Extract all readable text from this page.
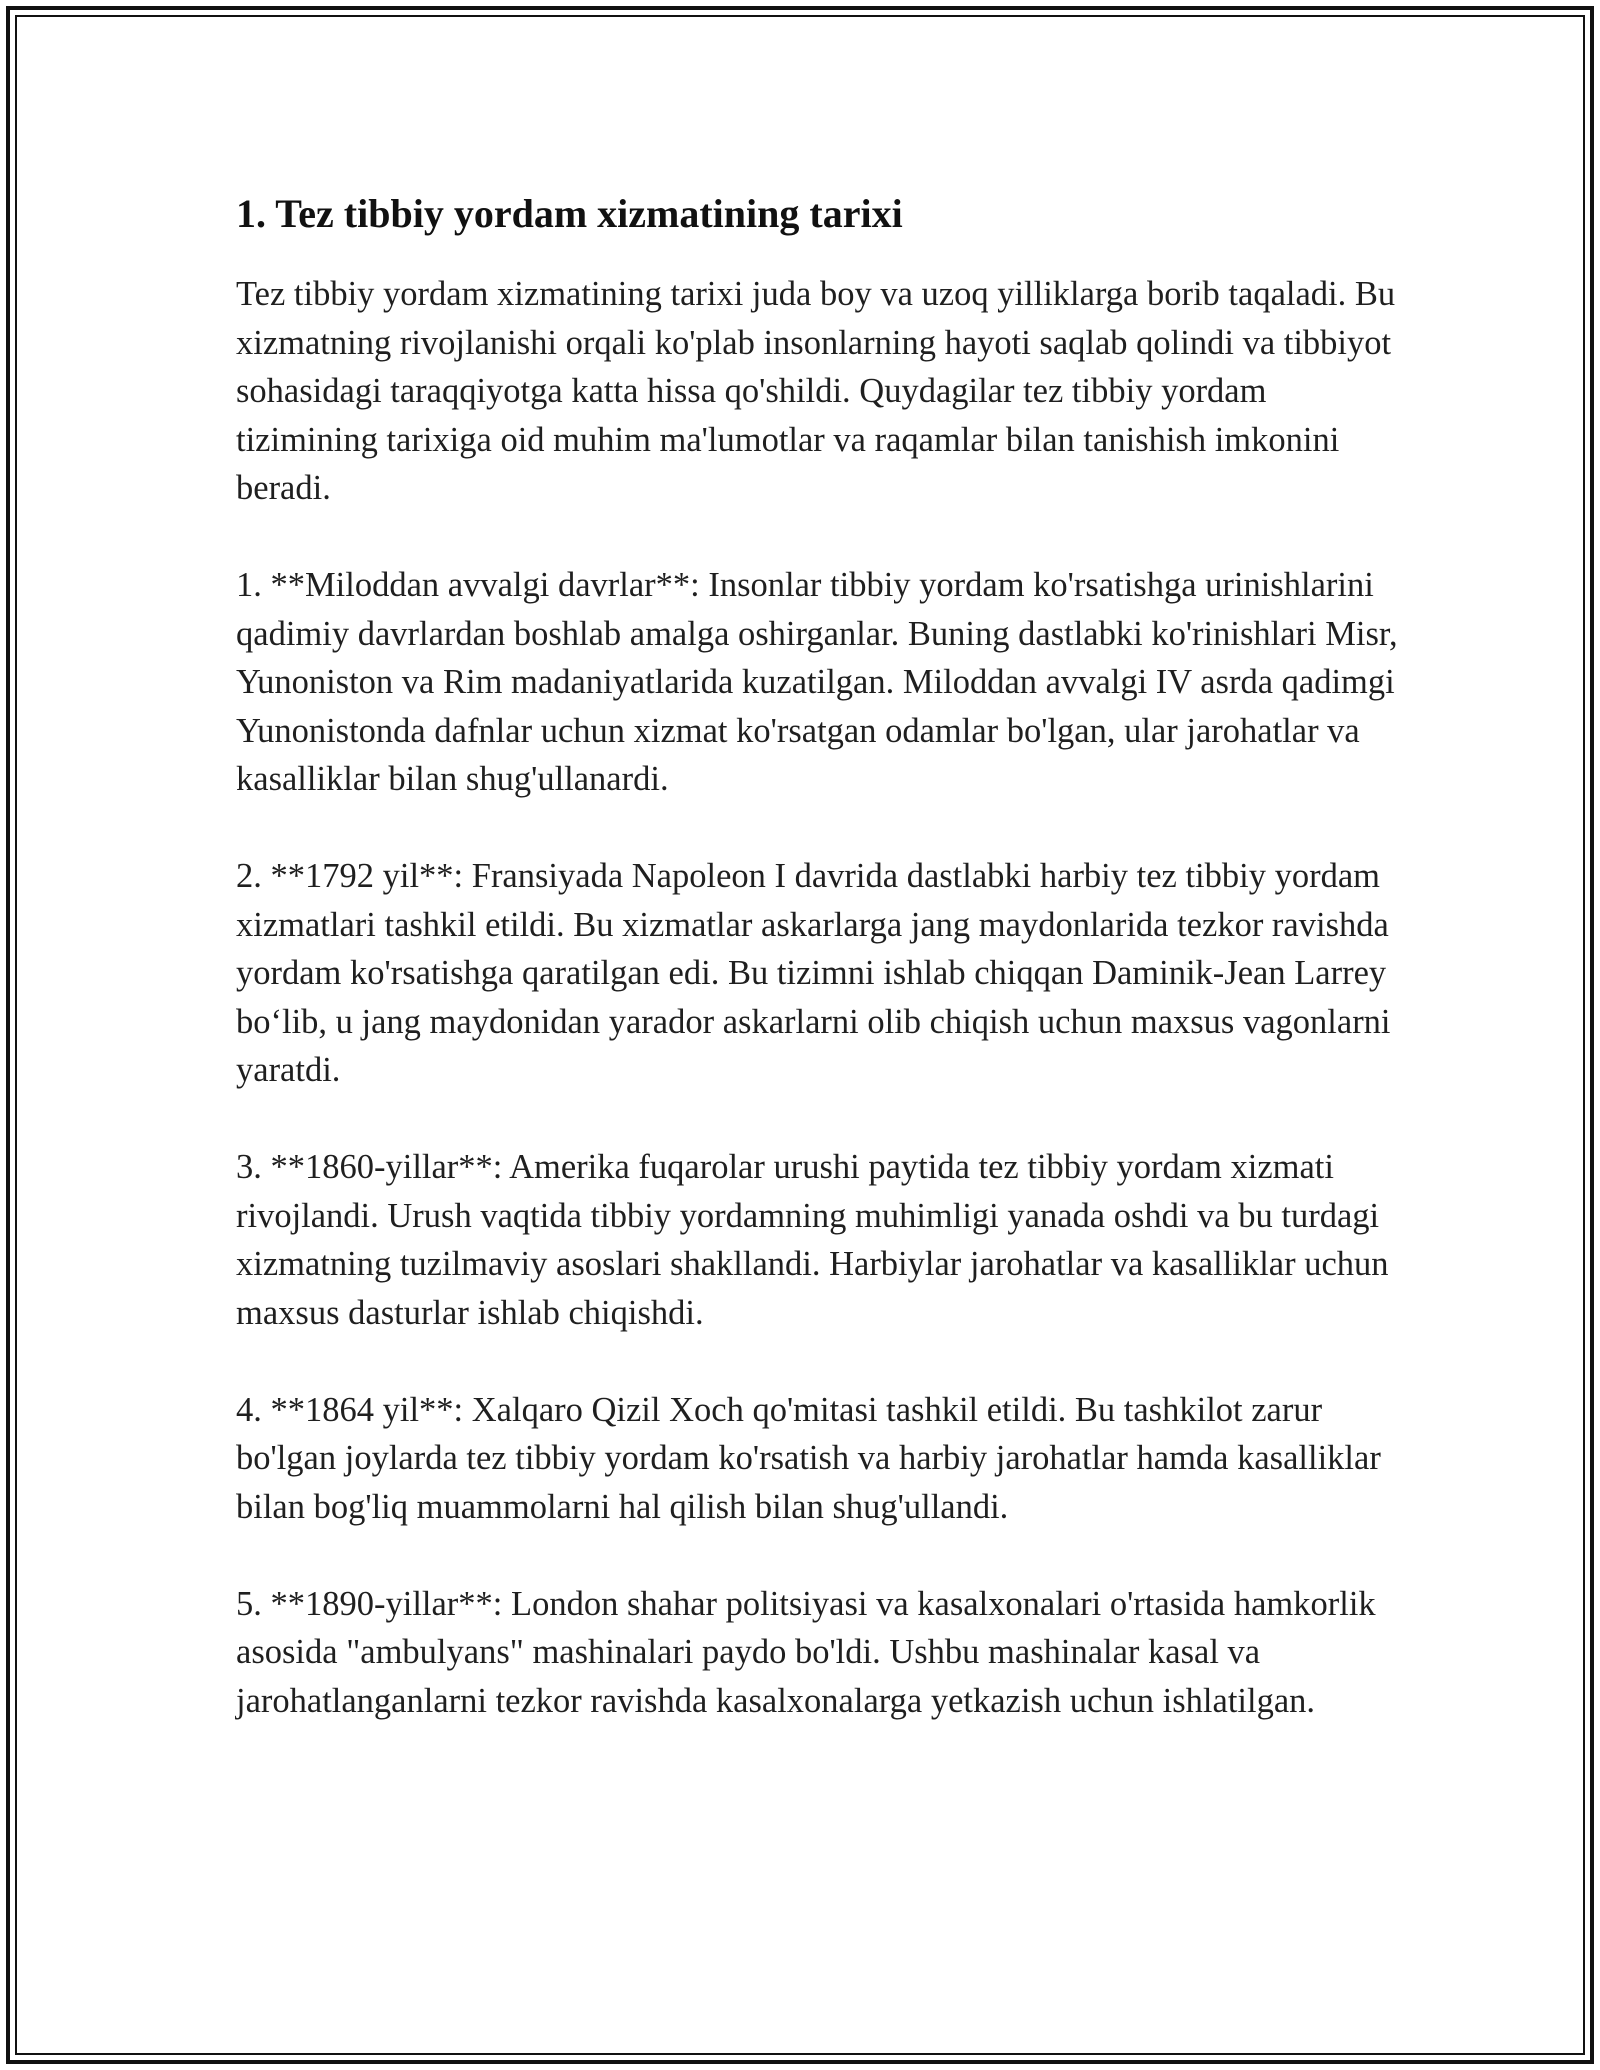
1. Tez tibbiy yordam xizmatining tarixi

Tez tibbiy yordam xizmatining tarixi juda boy va uzoq yilliklarga borib taqaladi. Bu xizmatning rivojlanishi orqali ko'plab insonlarning hayoti saqlab qolindi va tibbiyot sohasidagi taraqqiyotga katta hissa qo'shildi. Quydagilar tez tibbiy yordam tizimining tarixiga oid muhim ma'lumotlar va raqamlar bilan tanishish imkonini beradi.

1. **Miloddan avvalgi davrlar**: Insonlar tibbiy yordam ko'rsatishga urinishlarini qadimiy davrlardan boshlab amalga oshirganlar. Buning dastlabki ko'rinishlari Misr, Yunoniston va Rim madaniyatlarida kuzatilgan. Miloddan avvalgi IV asrda qadimgi Yunonistonda dafnlar uchun xizmat ko'rsatgan odamlar bo'lgan, ular jarohatlar va kasalliklar bilan shug'ullanardi.

2. **1792 yil**: Fransiyada Napoleon I davrida dastlabki harbiy tez tibbiy yordam xizmatlari tashkil etildi. Bu xizmatlar askarlarga jang maydonlarida tezkor ravishda yordam ko'rsatishga qaratilgan edi. Bu tizimni ishlab chiqqan Daminik-Jean Larrey bo‘lib, u jang maydonidan yarador askarlarni olib chiqish uchun maxsus vagonlarni yaratdi.

3. **1860-yillar**: Amerika fuqarolar urushi paytida tez tibbiy yordam xizmati rivojlandi. Urush vaqtida tibbiy yordamning muhimligi yanada oshdi va bu turdagi xizmatning tuzilmaviy asoslari shakllandi. Harbiylar jarohatlar va kasalliklar uchun maxsus dasturlar ishlab chiqishdi.

4. **1864 yil**: Xalqaro Qizil Xoch qo'mitasi tashkil etildi. Bu tashkilot zarur bo'lgan joylarda tez tibbiy yordam ko'rsatish va harbiy jarohatlar hamda kasalliklar bilan bog'liq muammolarni hal qilish bilan shug'ullandi.

5. **1890-yillar**: London shahar politsiyasi va kasalxonalari o'rtasida hamkorlik asosida "ambulyans" mashinalari paydo bo'ldi. Ushbu mashinalar kasal va jarohatlanganlarni tezkor ravishda kasalxonalarga yetkazish uchun ishlatilgan.
